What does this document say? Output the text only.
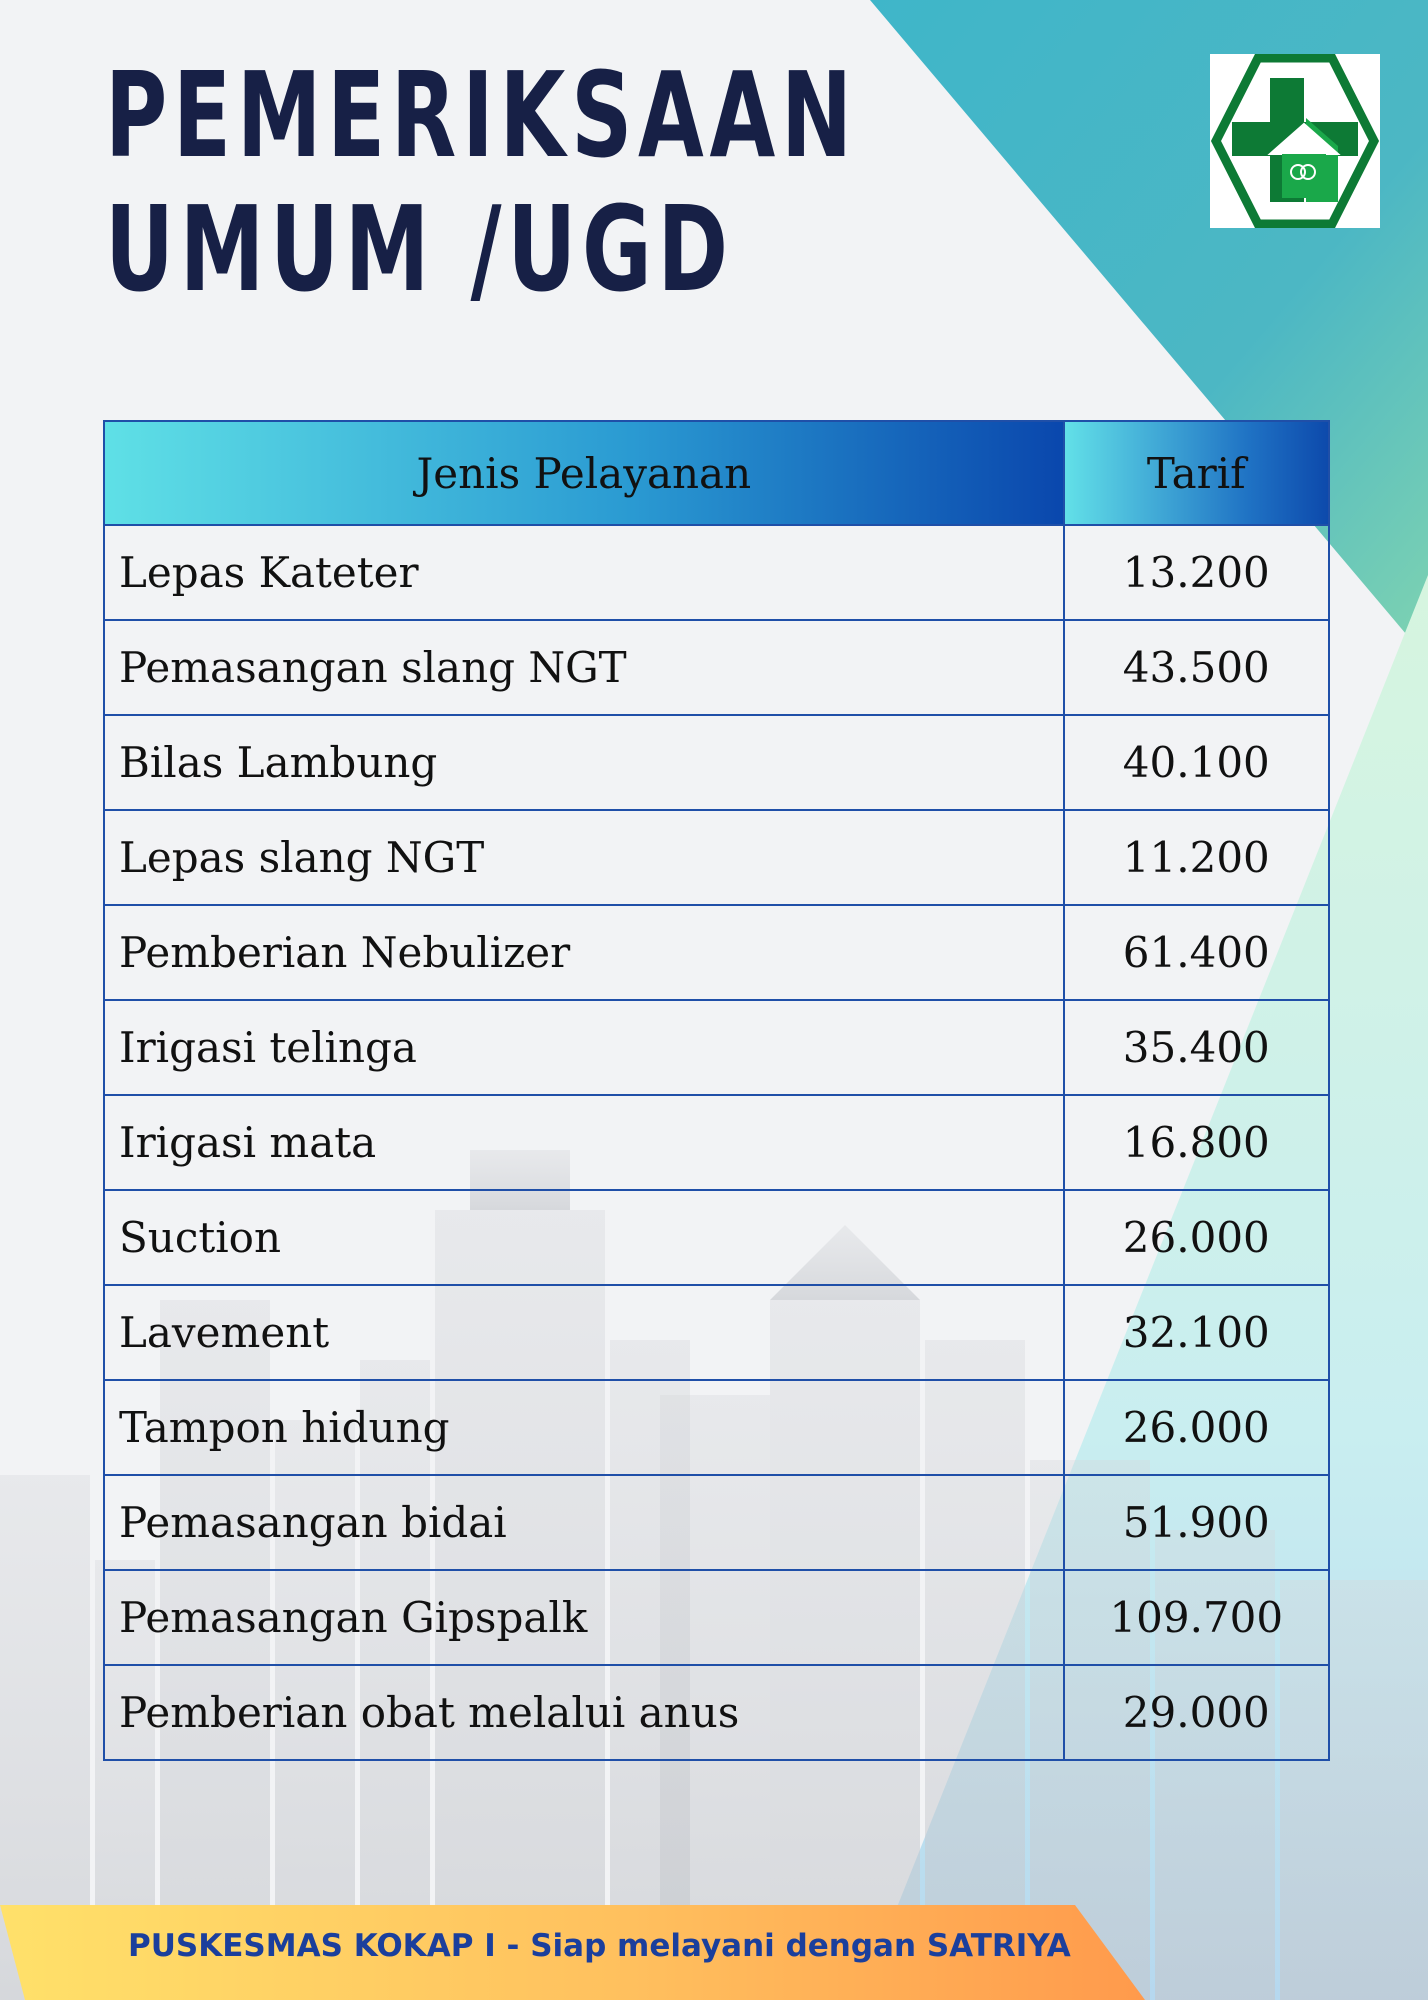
PEMERIKSAAN
UMUM /UGD
Jenis Pelayanan	Tarif
Lepas Kateter	13.200
Pemasangan slang NGT	43.500
Bilas Lambung	40.100
Lepas slang NGT	11.200
Pemberian Nebulizer	61.400
Irigasi telinga	35.400
Irigasi mata	16.800
Suction	26.000
Lavement	32.100
Tampon hidung	26.000
Pemasangan bidai	51.900
Pemasangan Gipspalk	109.700
Pemberian obat melalui anus	29.000
PUSKESMAS KOKAP I - Siap melayani dengan SATRIYA
